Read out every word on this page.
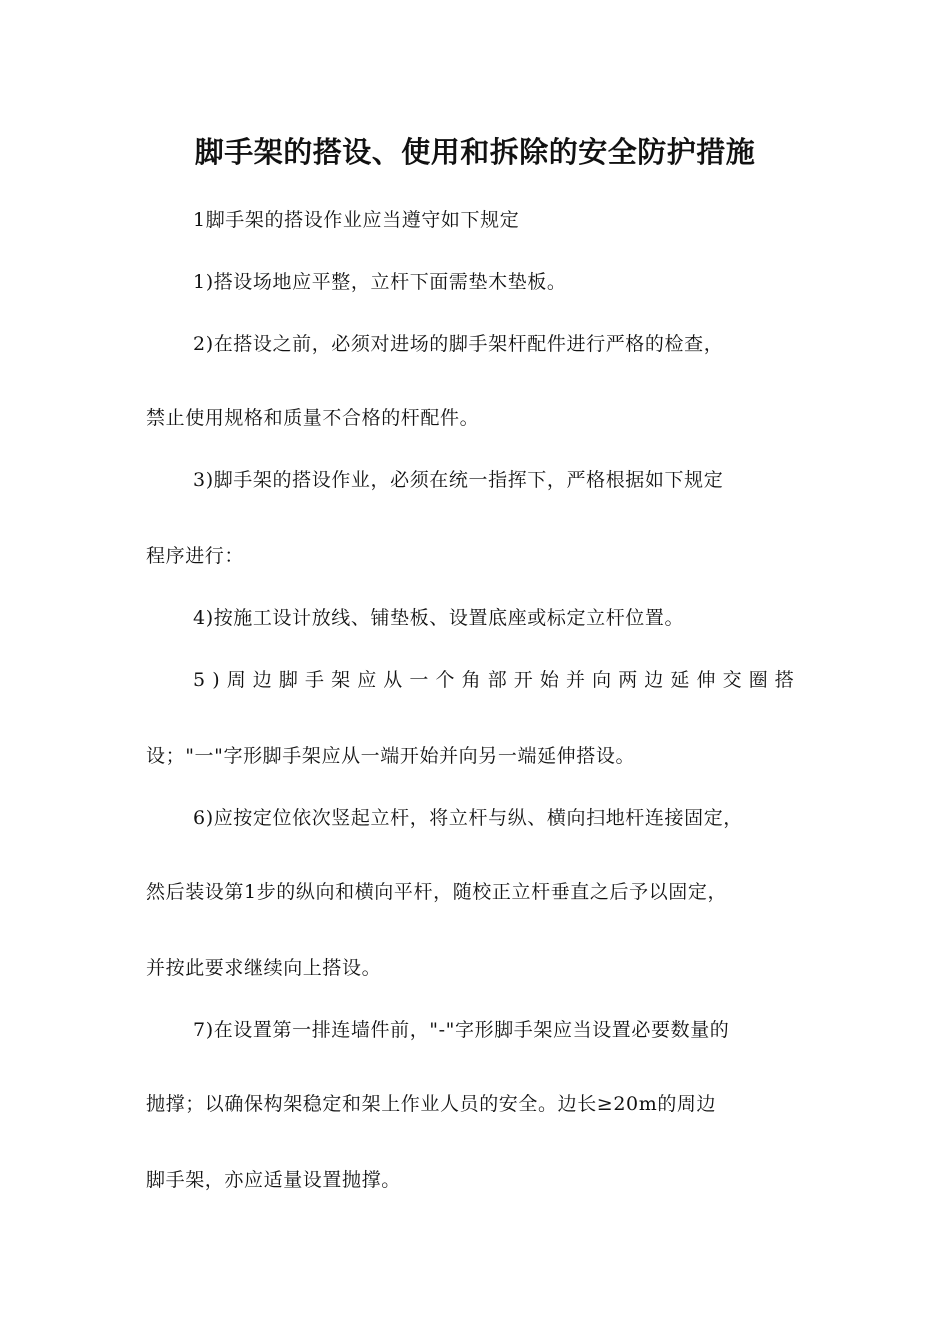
脚手架的搭设、使用和拆除的安全防护措施
1脚手架的搭设作业应当遵守如下规定
1)搭设场地应平整，立杆下面需垫木垫板。
2)在搭设之前，必须对进场的脚手架杆配件进行严格的检查，
禁止使用规格和质量不合格的杆配件。
3)脚手架的搭设作业，必须在统一指挥下，严格根据如下规定
程序进行：
4)按施工设计放线、铺垫板、设置底座或标定立杆位置。
5)周边脚手架应从一个角部开始并向两边延伸交圈搭
设；"一"字形脚手架应从一端开始并向另一端延伸搭设。
6)应按定位依次竖起立杆，将立杆与纵、横向扫地杆连接固定，
然后装设第1步的纵向和横向平杆，随校正立杆垂直之后予以固定，
并按此要求继续向上搭设。
7)在设置第一排连墙件前，"-"字形脚手架应当设置必要数量的
抛撑；以确保构架稳定和架上作业人员的安全。边长≥20m的周边
脚手架，亦应适量设置抛撑。
